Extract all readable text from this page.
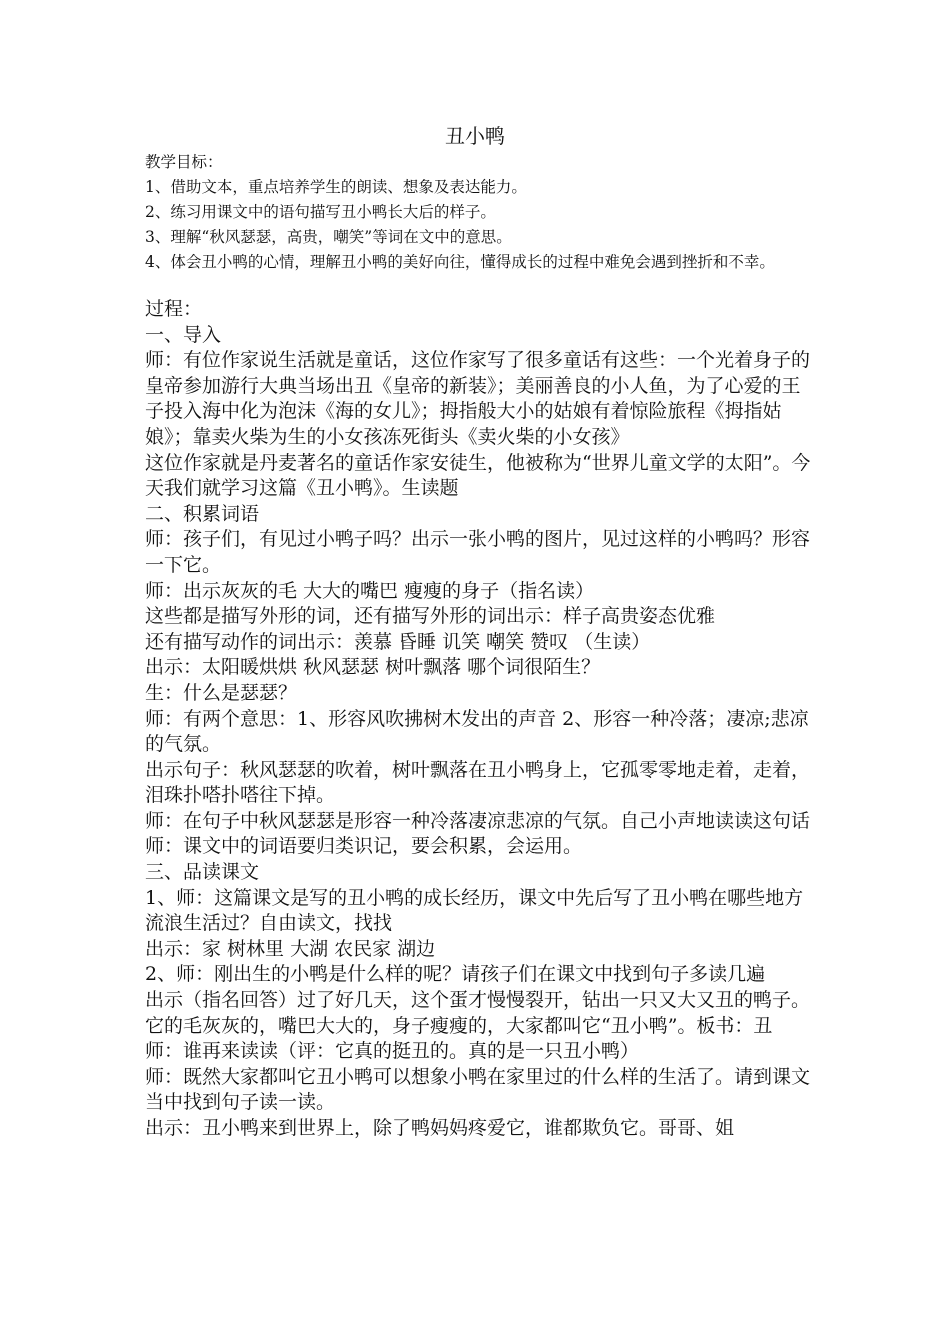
丑小鸭

教学目标：

1、借助文本，重点培养学生的朗读、想象及表达能力。

2、练习用课文中的语句描写丑小鸭长大后的样子。

3、理解“秋风瑟瑟，高贵，嘲笑”等词在文中的意思。

4、体会丑小鸭的心情，理解丑小鸭的美好向往，懂得成长的过程中难免会遇到挫折和不幸。

过程：

一、导入

师：有位作家说生活就是童话，这位作家写了很多童话有这些：一个光着身子的皇帝参加游行大典当场出丑《皇帝的新装》；美丽善良的小人鱼，为了心爱的王子投入海中化为泡沫《海的女儿》；拇指般大小的姑娘有着惊险旅程《拇指姑娘》；靠卖火柴为生的小女孩冻死街头《卖火柴的小女孩》

这位作家就是丹麦著名的童话作家安徒生，他被称为“世界儿童文学的太阳”。今天我们就学习这篇《丑小鸭》。生读题

二、积累词语

师：孩子们，有见过小鸭子吗？出示一张小鸭的图片，见过这样的小鸭吗？形容一下它。

师：出示灰灰的毛 大大的嘴巴 瘦瘦的身子（指名读）

这些都是描写外形的词，还有描写外形的词出示：样子高贵姿态优雅

还有描写动作的词出示：羡慕 昏睡 讥笑 嘲笑 赞叹 （生读）

出示：太阳暖烘烘 秋风瑟瑟 树叶飘落 哪个词很陌生？

生：什么是瑟瑟？

师：有两个意思：1、形容风吹拂树木发出的声音 2、形容一种冷落；凄凉;悲凉的气氛。

出示句子：秋风瑟瑟的吹着，树叶飘落在丑小鸭身上，它孤零零地走着，走着，泪珠扑嗒扑嗒往下掉。

师：在句子中秋风瑟瑟是形容一种冷落凄凉悲凉的气氛。自己小声地读读这句话

师：课文中的词语要归类识记，要会积累，会运用。

三、品读课文

1、师：这篇课文是写的丑小鸭的成长经历，课文中先后写了丑小鸭在哪些地方流浪生活过？自由读文，找找

出示：家 树林里 大湖 农民家 湖边

2、师：刚出生的小鸭是什么样的呢？请孩子们在课文中找到句子多读几遍

出示（指名回答）过了好几天，这个蛋才慢慢裂开，钻出一只又大又丑的鸭子。它的毛灰灰的，嘴巴大大的，身子瘦瘦的，大家都叫它“丑小鸭”。板书：丑

师：谁再来读读（评：它真的挺丑的。真的是一只丑小鸭）

师：既然大家都叫它丑小鸭可以想象小鸭在家里过的什么样的生活了。请到课文当中找到句子读一读。

出示：丑小鸭来到世界上，除了鸭妈妈疼爱它，谁都欺负它。哥哥、姐
